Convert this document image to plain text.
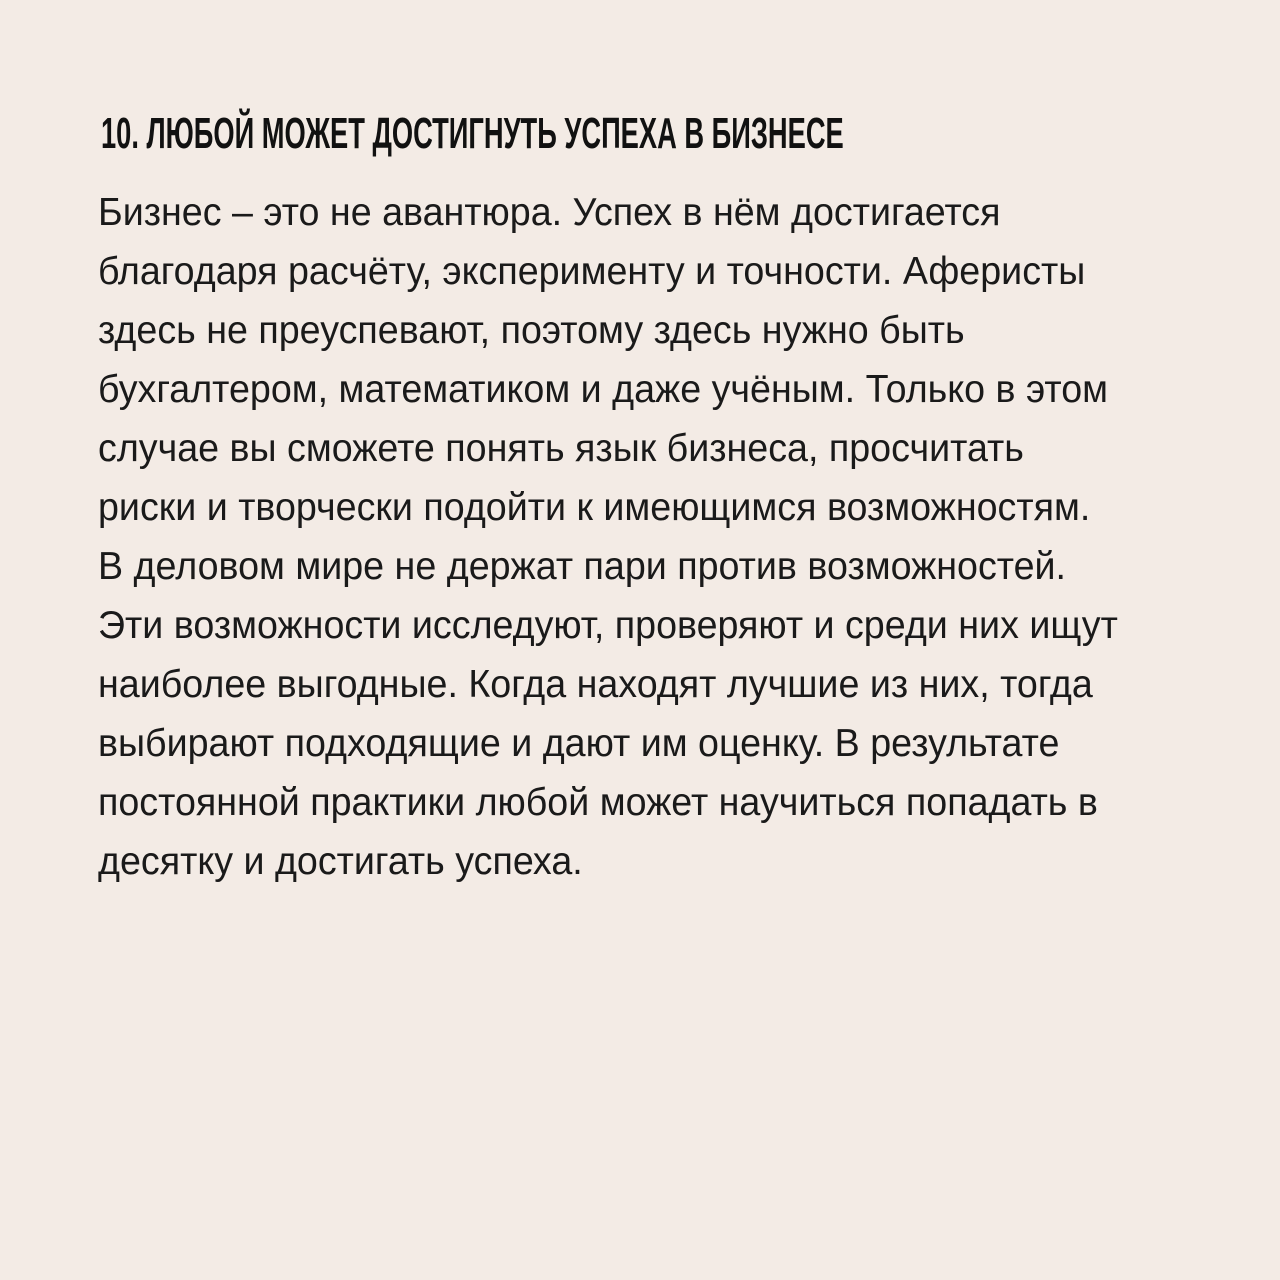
10. ЛЮБОЙ МОЖЕТ ДОСТИГНУТЬ УСПЕХА В БИЗНЕСЕ
Бизнес – это не авантюра. Успех в нём достигается
благодаря расчёту, эксперименту и точности. Аферисты
здесь не преуспевают, поэтому здесь нужно быть
бухгалтером, математиком и даже учёным. Только в этом
случае вы сможете понять язык бизнеса, просчитать
риски и творчески подойти к имеющимся возможностям.
В деловом мире не держат пари против возможностей.
Эти возможности исследуют, проверяют и среди них ищут
наиболее выгодные. Когда находят лучшие из них, тогда
выбирают подходящие и дают им оценку. В результате
постоянной практики любой может научиться попадать в
десятку и достигать успеха.
